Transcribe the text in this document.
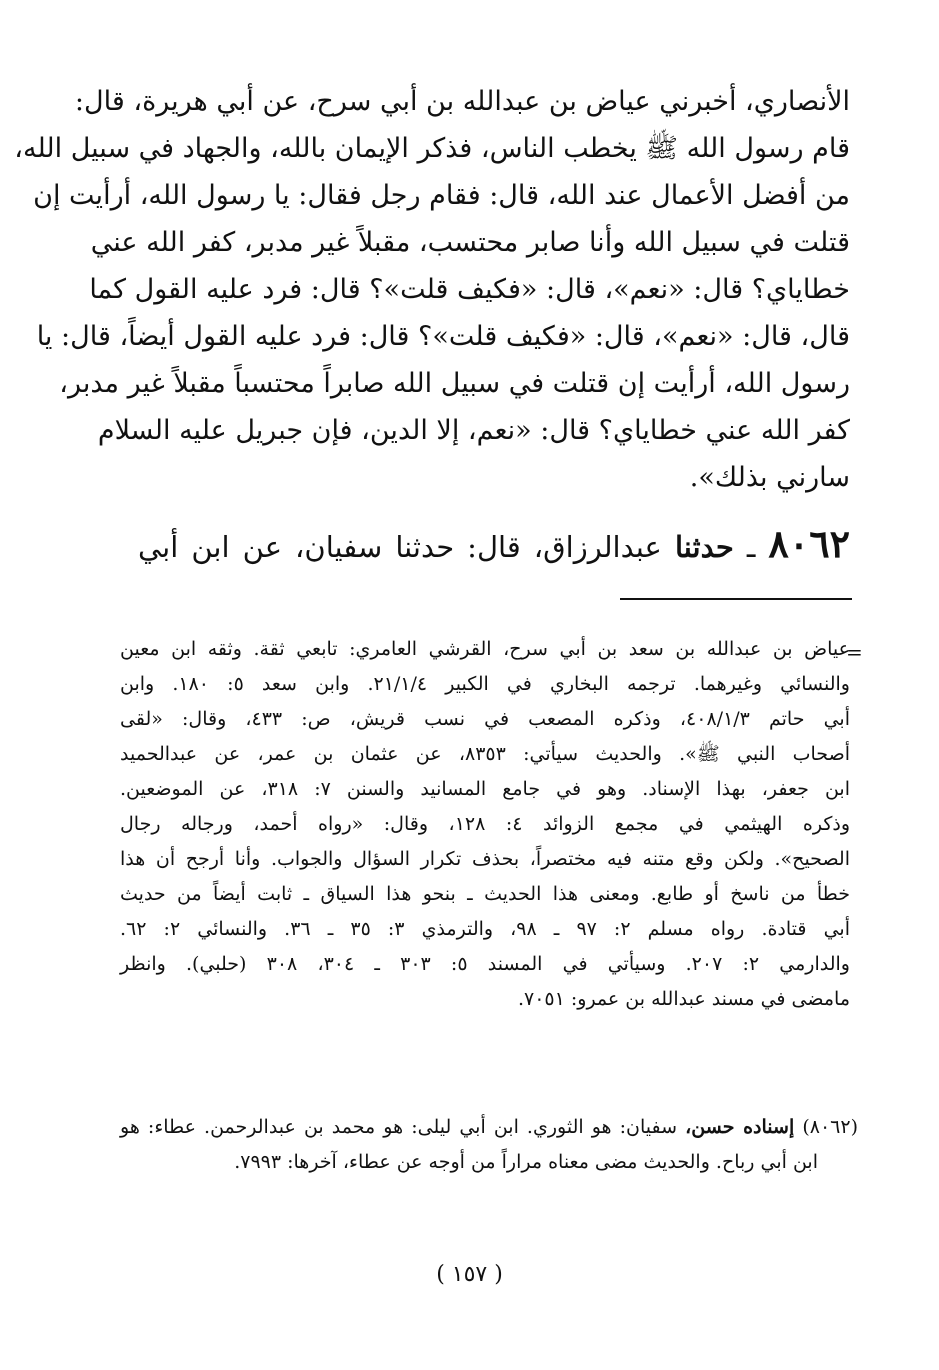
الأنصاري، أخبرني عياض بن عبدالله بن أبي سرح، عن أبي هريرة، قال:
قام رسول الله ﷺ يخطب الناس، فذكر الإيمان بالله، والجهاد في سبيل الله،
من أفضل الأعمال عند الله، قال: فقام رجل فقال: يا رسول الله، أرأيت إن
قتلت في سبيل الله وأنا صابر محتسب، مقبلاً غير مدبر، كفر الله عني
خطاياي؟ قال: «نعم»، قال: «فكيف قلت»؟ قال: فرد عليه القول كما
قال، قال: «نعم»، قال: «فكيف قلت»؟ قال: فرد عليه القول أيضاً، قال: يا
رسول الله، أرأيت إن قتلت في سبيل الله صابراً محتسباً مقبلاً غير مدبر،
كفر الله عني خطاياي؟ قال: «نعم، إلا الدين، فإن جبريل عليه السلام
سارني بذلك».
٨٠٦٢ ـ حدثنا عبدالرزاق، قال: حدثنا سفيان، عن ابن أبي
=
عياض بن عبدالله بن سعد بن أبي سرح، القرشي العامري: تابعي ثقة. وثقه ابن معين
والنسائي وغيرهما. ترجمه البخاري في الكبير ٢١/١/٤. وابن سعد ٥: ١٨٠. وابن
أبي حاتم ٤٠٨/١/٣، وذكره المصعب في نسب قريش، ص: ٤٣٣، وقال: «لقى
أصحاب النبي ﷺ». والحديث سيأتي: ٨٣٥٣، عن عثمان بن عمر، عن عبدالحميد
ابن جعفر، بهذا الإسناد. وهو في جامع المسانيد والسنن ٧: ٣١٨، عن الموضعين.
وذكره الهيثمي في مجمع الزوائد ٤: ١٢٨، وقال: «رواه أحمد، ورجاله رجال
الصحيح». ولكن وقع متنه فيه مختصراً، بحذف تكرار السؤال والجواب. وأنا أرجح أن هذا
خطأ من ناسخ أو طابع. ومعنى هذا الحديث ـ بنحو هذا السياق ـ ثابت أيضاً من حديث
أبي قتادة. رواه مسلم ٢: ٩٧ ـ ٩٨، والترمذي ٣: ٣٥ ـ ٣٦. والنسائي ٢: ٦٢.
والدارمي ٢: ٢٠٧. وسيأتي في المسند ٥: ٣٠٣ ـ ٣٠٤، ٣٠٨ (حلبي). وانظر
مامضى في مسند عبدالله بن عمرو: ٧٠٥١.
(٨٠٦٢) إسناده حسن، سفيان: هو الثوري. ابن أبي ليلى: هو محمد بن عبدالرحمن. عطاء: هو
ابن أبي رباح. والحديث مضى معناه مراراً من أوجه عن عطاء، آخرها: ٧٩٩٣.
( ١٥٧ )
